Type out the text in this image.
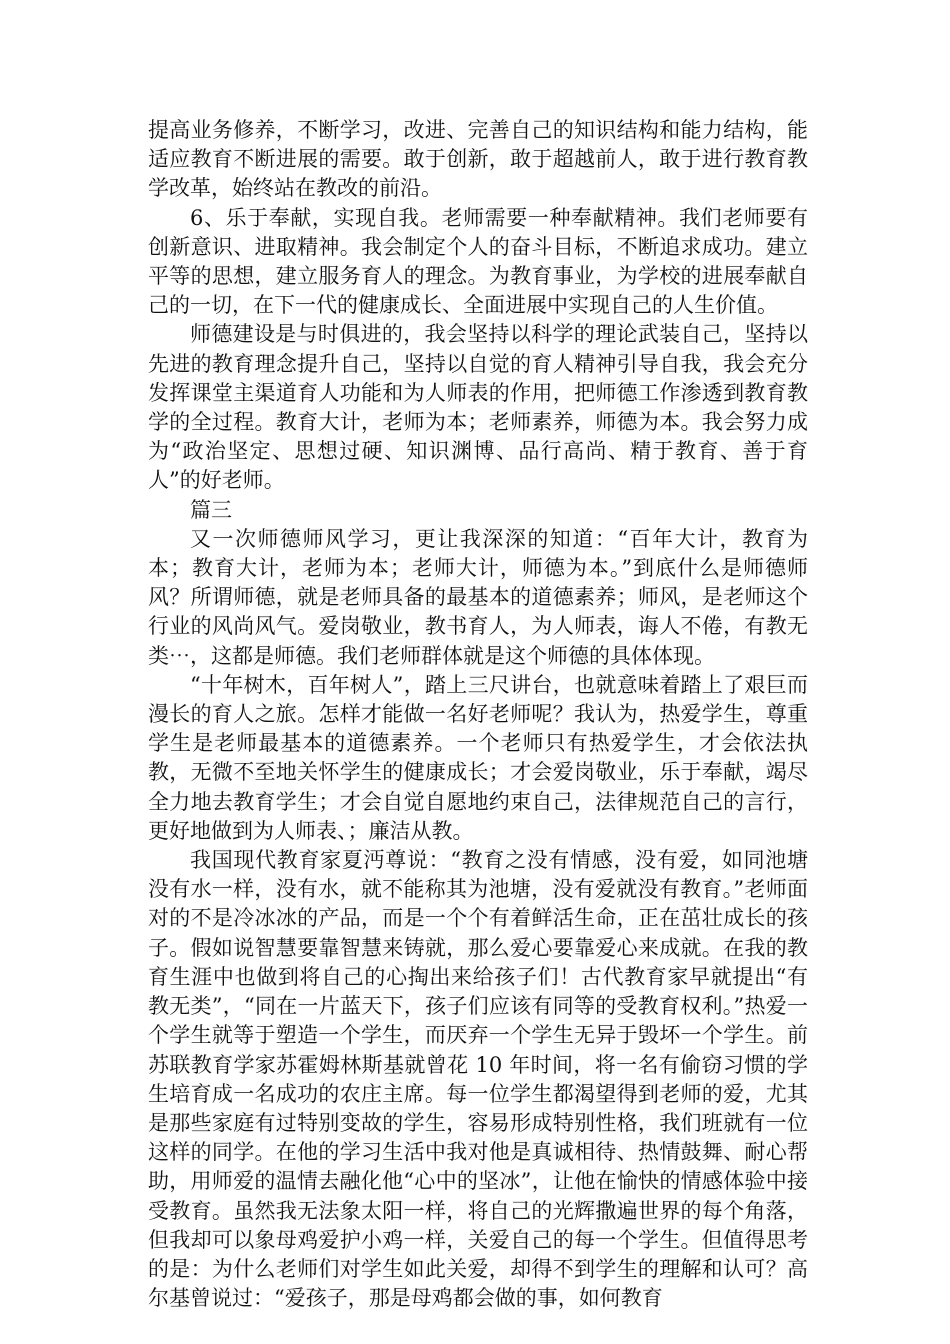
提高业务修养，不断学习，改进、完善自己的知识结构和能力结构，能适应教育不断进展的需要。敢于创新，敢于超越前人，敢于进行教育教学改革，始终站在教改的前沿。

6、乐于奉献，实现自我。老师需要一种奉献精神。我们老师要有创新意识、进取精神。我会制定个人的奋斗目标，不断追求成功。建立平等的思想，建立服务育人的理念。为教育事业，为学校的进展奉献自己的一切，在下一代的健康成长、全面进展中实现自己的人生价值。

师德建设是与时俱进的，我会坚持以科学的理论武装自己，坚持以先进的教育理念提升自己，坚持以自觉的育人精神引导自我，我会充分发挥课堂主渠道育人功能和为人师表的作用，把师德工作渗透到教育教学的全过程。教育大计，老师为本；老师素养，师德为本。我会努力成为“政治坚定、思想过硬、知识渊博、品行高尚、精于教育、善于育人”的好老师。

篇三

又一次师德师风学习，更让我深深的知道：“百年大计，教育为本；教育大计，老师为本；老师大计，师德为本。”到底什么是师德师风？所谓师德，就是老师具备的最基本的道德素养；师风，是老师这个行业的风尚风气。爱岗敬业，教书育人，为人师表，诲人不倦，有教无类⋯，这都是师德。我们老师群体就是这个师德的具体体现。

“十年树木，百年树人”，踏上三尺讲台，也就意味着踏上了艰巨而漫长的育人之旅。怎样才能做一名好老师呢？我认为，热爱学生，尊重学生是老师最基本的道德素养。一个老师只有热爱学生，才会依法执教，无微不至地关怀学生的健康成长；才会爱岗敬业，乐于奉献，竭尽全力地去教育学生；才会自觉自愿地约束自己，法律规范自己的言行，更好地做到为人师表、；廉洁从教。

我国现代教育家夏沔尊说：“教育之没有情感，没有爱，如同池塘没有水一样，没有水，就不能称其为池塘，没有爱就没有教育。”老师面对的不是冷冰冰的产品，而是一个个有着鲜活生命，正在茁壮成长的孩子。假如说智慧要靠智慧来铸就，那么爱心要靠爱心来成就。在我的教育生涯中也做到将自己的心掏出来给孩子们！古代教育家早就提出“有教无类”，“同在一片蓝天下，孩子们应该有同等的受教育权利。”热爱一个学生就等于塑造一个学生，而厌弃一个学生无异于毁坏一个学生。前苏联教育学家苏霍姆林斯基就曾花 10 年时间，将一名有偷窃习惯的学生培育成一名成功的农庄主席。每一位学生都渴望得到老师的爱，尤其是那些家庭有过特别变故的学生，容易形成特别性格，我们班就有一位这样的同学。在他的学习生活中我对他是真诚相待、热情鼓舞、耐心帮助，用师爱的温情去融化他“心中的坚冰”，让他在愉快的情感体验中接受教育。虽然我无法象太阳一样，将自己的光辉撒遍世界的每个角落，但我却可以象母鸡爱护小鸡一样，关爱自己的每一个学生。但值得思考的是：为什么老师们对学生如此关爱，却得不到学生的理解和认可？高尔基曾说过：“爱孩子，那是母鸡都会做的事，如何教育
